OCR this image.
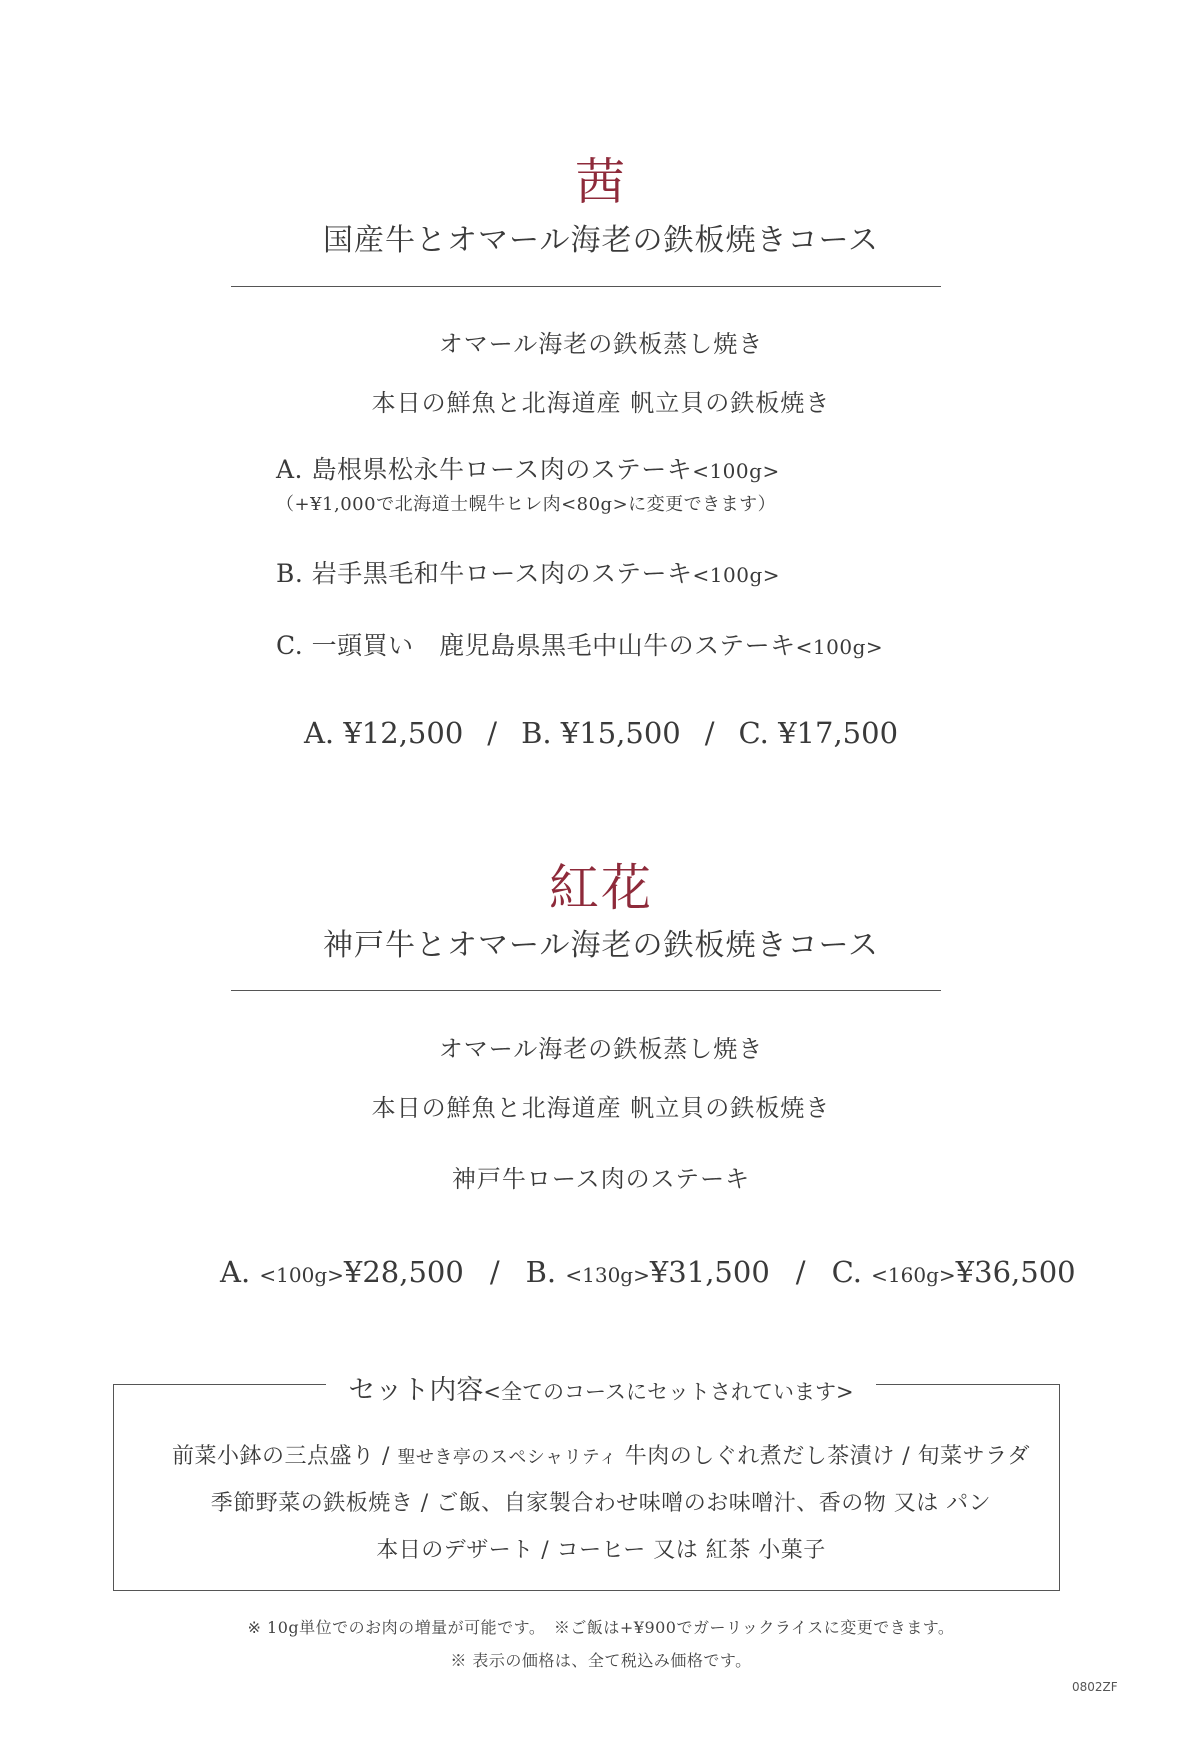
茜
国産牛とオマール海老の鉄板焼きコース
オマール海老の鉄板蒸し焼き
本日の鮮魚と北海道産 帆立貝の鉄板焼き
A. 島根県松永牛ロース肉のステーキ<100g>
（+¥1,000で北海道士幌牛ヒレ肉<80g>に変更できます）
B. 岩手黒毛和牛ロース肉のステーキ<100g>
C. 一頭買い　鹿児島県黒毛中山牛のステーキ<100g>
A. ¥12,500 / B. ¥15,500 / C. ¥17,500
紅花
神戸牛とオマール海老の鉄板焼きコース
オマール海老の鉄板蒸し焼き
本日の鮮魚と北海道産 帆立貝の鉄板焼き
神戸牛ロース肉のステーキ
A. <100g>¥28,500 / B. <130g>¥31,500 / C. <160g>¥36,500
セット内容<全てのコースにセットされています>
前菜小鉢の三点盛り / 聖せき亭のスペシャリティ 牛肉のしぐれ煮だし茶漬け / 旬菜サラダ
季節野菜の鉄板焼き / ご飯、自家製合わせ味噌のお味噌汁、香の物 又は パン
本日のデザート / コーヒー 又は 紅茶 小菓子
※ 10g単位でのお肉の増量が可能です。　※ご飯は+¥900でガーリックライスに変更できます。
※ 表示の価格は、全て税込み価格です。
0802ZF
